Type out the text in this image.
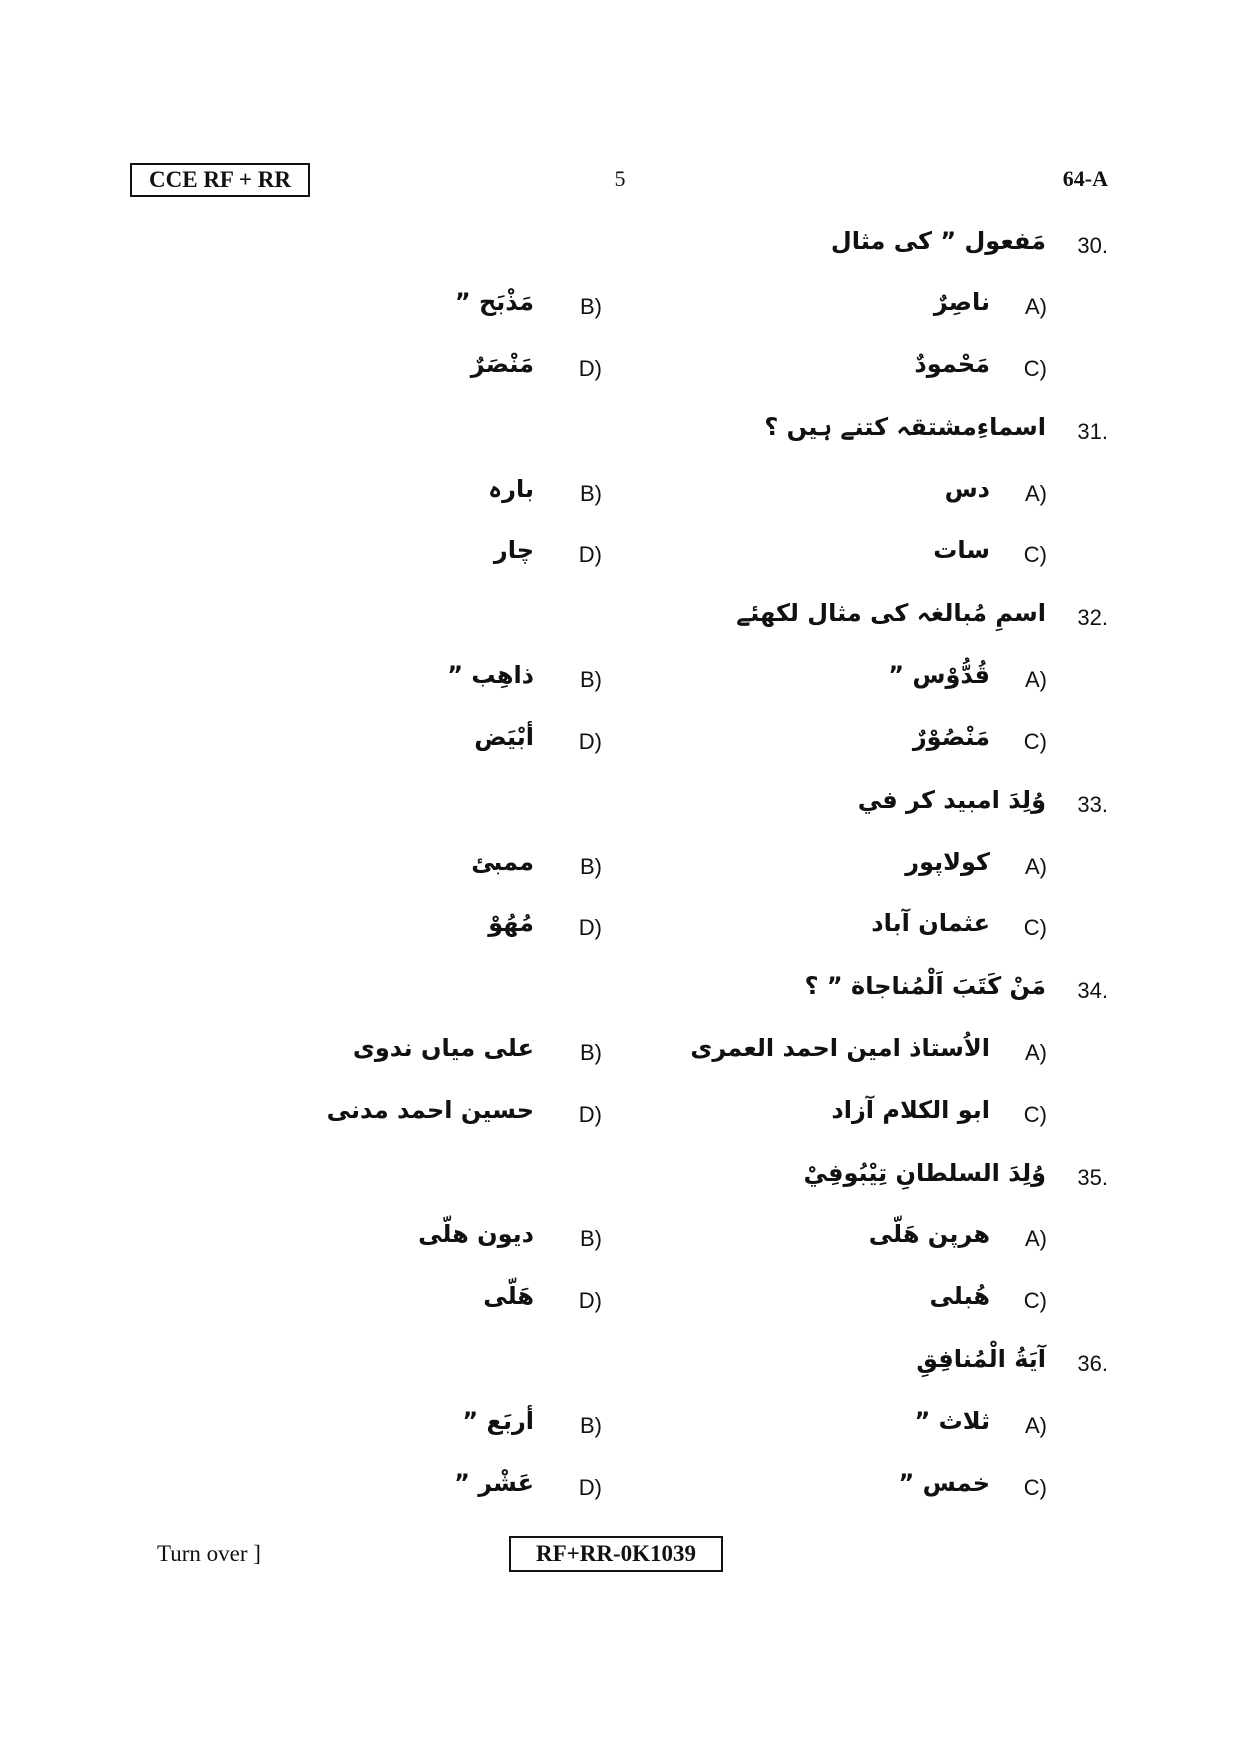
CCE RF + RR	5	64-A
30.
مَفعول ” کی مثال
A)
ناصِرٌ
B)
مَذْبَح ”
C)
مَحْمودٌ
D)
مَنْصَرٌ
31.
اسماءِمشتقہ کتنے ہیں ؟
A)
دس
B)
بارہ
C)
سات
D)
چار
32.
اسمِ مُبالغہ کی مثال لکھئے
A)
قُدُّوْس ”
B)
ذاهِب ”
C)
مَنْصُوْرٌ
D)
أبْيَض
33.
وُلِدَ امبيد كر في
A)
کولاپور
B)
ممبئ
C)
عثمان آباد
D)
مُهُوْ
34.
مَنْ كَتَبَ اَلْمُناجاة ” ؟
A)
الاُستاذ امين احمد العمرى
B)
على مياں ندوى
C)
ابو الكلام آزاد
D)
حسين احمد مدنى
35.
وُلِدَ السلطانِ تِيْبُوفِيْ
A)
هرپن هَلّى
B)
ديون هلّى
C)
هُبلى
D)
هَلّى
36.
آيَةُ الْمُنافِقِ
A)
ثلاث ”
B)
أربَع ”
C)
خمس ”
D)
عَشْر ”
Turn over ]	RF+RR-0K1039
